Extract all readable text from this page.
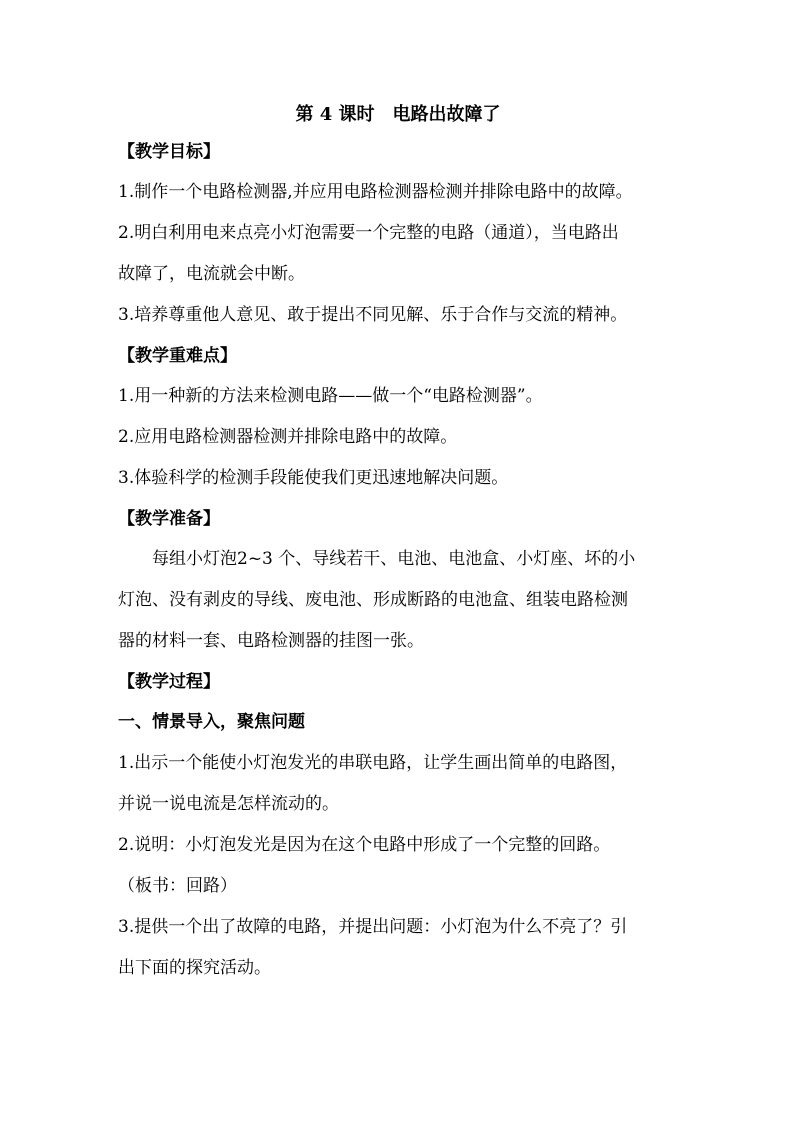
第 4 课时　电路出故障了
【教学目标】
1.制作一个电路检测器,并应用电路检测器检测并排除电路中的故障。
2.明白利用电来点亮小灯泡需要一个完整的电路（通道），当电路出
故障了，电流就会中断。
3.培养尊重他人意见、敢于提出不同见解、乐于合作与交流的精神。
【教学重难点】
1.用一种新的方法来检测电路——做一个“电路检测器”。
2.应用电路检测器检测并排除电路中的故障。
3.体验科学的检测手段能使我们更迅速地解决问题。
【教学准备】
每组小灯泡2~3 个、导线若干、电池、电池盒、小灯座、坏的小
灯泡、没有剥皮的导线、废电池、形成断路的电池盒、组装电路检测
器的材料一套、电路检测器的挂图一张。
【教学过程】
一、情景导入，聚焦问题
1.出示一个能使小灯泡发光的串联电路，让学生画出简单的电路图，
并说一说电流是怎样流动的。
2.说明：小灯泡发光是因为在这个电路中形成了一个完整的回路。
（板书：回路）
3.提供一个出了故障的电路，并提出问题：小灯泡为什么不亮了？引
出下面的探究活动。
